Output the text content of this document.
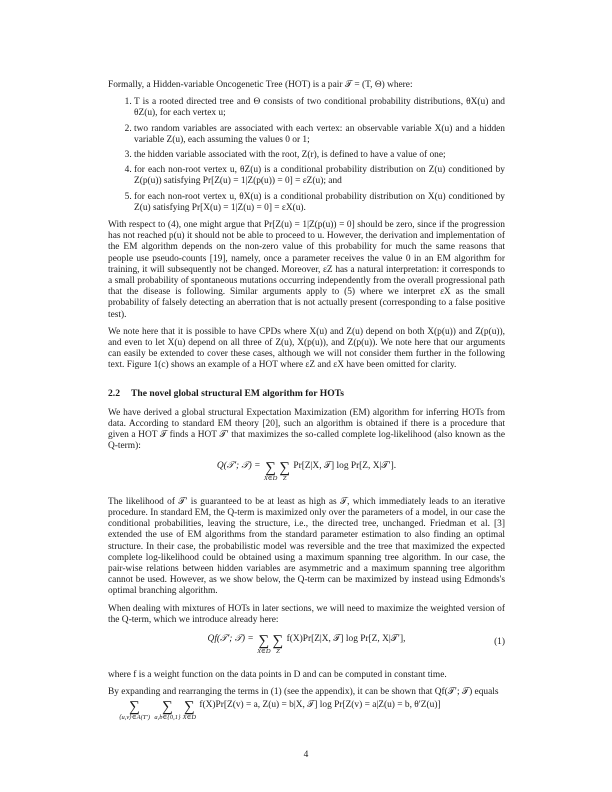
Formally, a Hidden-variable Oncogenetic Tree (HOT) is a pair 𝒯 = (T, Θ) where:

1. T is a rooted directed tree and Θ consists of two conditional probability distributions, θX(u) and θZ(u), for each vertex u;
2. two random variables are associated with each vertex: an observable variable X(u) and a hidden variable Z(u), each assuming the values 0 or 1;
3. the hidden variable associated with the root, Z(r), is defined to have a value of one;
4. for each non-root vertex u, θZ(u) is a conditional probability distribution on Z(u) conditioned by Z(p(u)) satisfying Pr[Z(u) = 1|Z(p(u)) = 0] = εZ(u); and
5. for each non-root vertex u, θX(u) is a conditional probability distribution on X(u) conditioned by Z(u) satisfying Pr[X(u) = 1|Z(u) = 0] = εX(u).

With respect to (4), one might argue that Pr[Z(u) = 1|Z(p(u)) = 0] should be zero, since if the progression has not reached p(u) it should not be able to proceed to u. However, the derivation and implementation of the EM algorithm depends on the non-zero value of this probability for much the same reasons that people use pseudo-counts [19], namely, once a parameter receives the value 0 in an EM algorithm for training, it will subsequently not be changed. Moreover, εZ has a natural interpretation: it corresponds to a small probability of spontaneous mutations occurring independently from the overall progressional path that the disease is following. Similar arguments apply to (5) where we interpret εX as the small probability of falsely detecting an aberration that is not actually present (corresponding to a false positive test).

We note here that it is possible to have CPDs where X(u) and Z(u) depend on both X(p(u)) and Z(p(u)), and even to let X(u) depend on all three of Z(u), X(p(u)), and Z(p(u)). We note here that our arguments can easily be extended to cover these cases, although we will not consider them further in the following text. Figure 1(c) shows an example of a HOT where εZ and εX have been omitted for clarity.

2.2 The novel global structural EM algorithm for HOTs

We have derived a global structural Expectation Maximization (EM) algorithm for inferring HOTs from data. According to standard EM theory [20], such an algorithm is obtained if there is a procedure that given a HOT 𝒯 finds a HOT 𝒯′ that maximizes the so-called complete log-likelihood (also known as the Q-term):

Q(𝒯′; 𝒯) = ∑
X∈D
∑
Z
Pr[Z|X, 𝒯] log Pr[Z, X|𝒯′].

The likelihood of 𝒯′ is guaranteed to be at least as high as 𝒯, which immediately leads to an iterative procedure. In standard EM, the Q-term is maximized only over the parameters of a model, in our case the conditional probabilities, leaving the structure, i.e., the directed tree, unchanged. Friedman et al. [3] extended the use of EM algorithms from the standard parameter estimation to also finding an optimal structure. In their case, the probabilistic model was reversible and the tree that maximized the expected complete log-likelihood could be obtained using a maximum spanning tree algorithm. In our case, the pair-wise relations between hidden variables are asymmetric and a maximum spanning tree algorithm cannot be used. However, as we show below, the Q-term can be maximized by instead using Edmonds's optimal branching algorithm.

When dealing with mixtures of HOTs in later sections, we will need to maximize the weighted version of the Q-term, which we introduce already here:

Qf(𝒯′; 𝒯) = ∑
X∈D
∑
Z
f(X)Pr[Z|X, 𝒯] log Pr[Z, X|𝒯′],	(1)

where f is a weight function on the data points in D and can be computed in constant time.

By expanding and rearranging the terms in (1) (see the appendix), it can be shown that Qf(𝒯′; 𝒯) equals

∑
⟨u,v⟩∈A(T′)

∑
a,b∈{0,1}
∑
X∈D
f(X)Pr[Z(v) = a, Z(u) = b|X, 𝒯] log Pr[Z(v) = a|Z(u) = b, θ′Z(u)]
4
